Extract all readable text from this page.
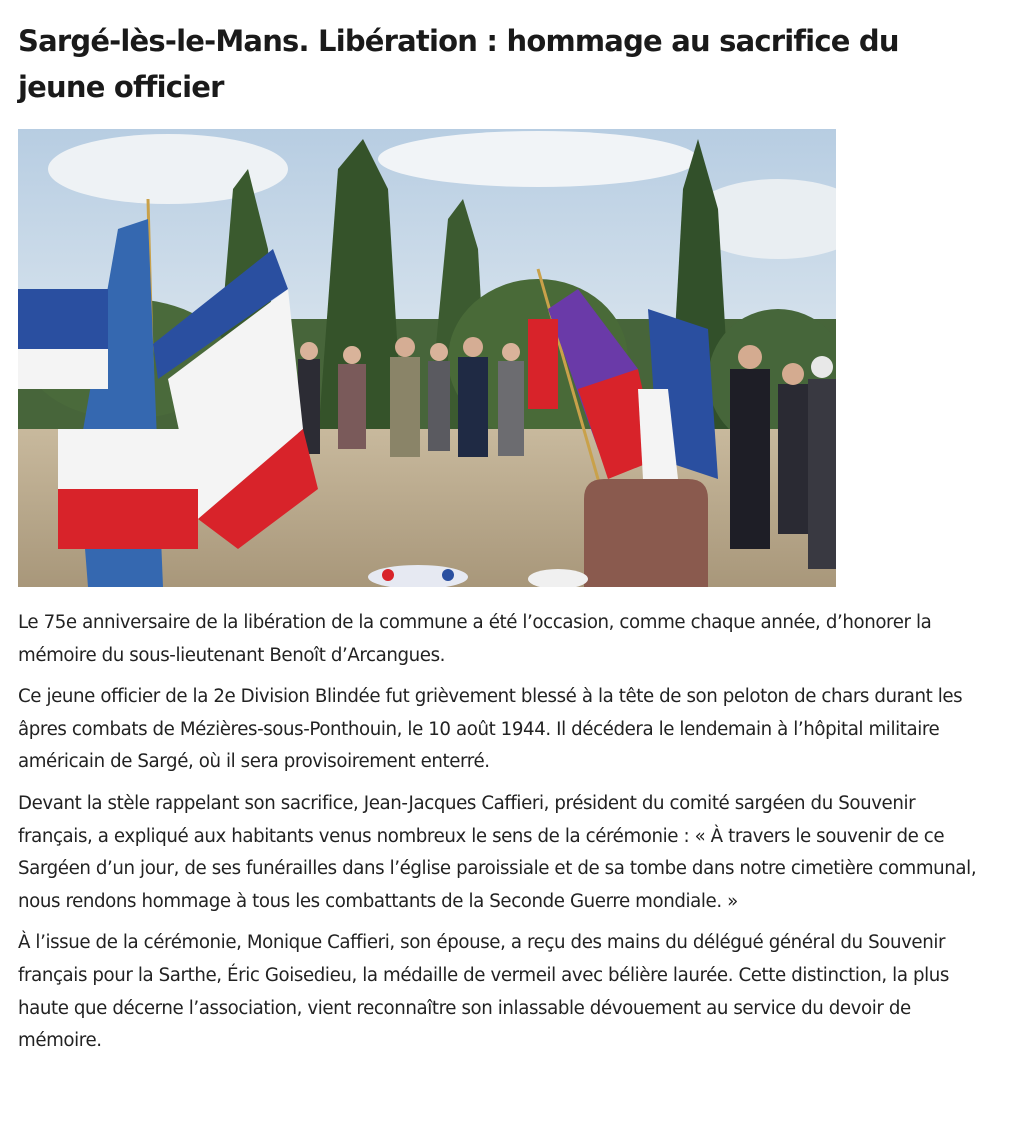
Sargé-lès-le-Mans. Libération : hommage au sacrifice du jeune officier

Le 75e anniversaire de la libération de la commune a été l’occasion, comme chaque année, d’honorer la mémoire du sous-lieutenant Benoît d’Arcangues.

Ce jeune officier de la 2e Division Blindée fut grièvement blessé à la tête de son peloton de chars durant les âpres combats de Mézières-sous-Ponthouin, le 10 août 1944. Il décédera le lendemain à l’hôpital militaire américain de Sargé, où il sera provisoirement enterré.

Devant la stèle rappelant son sacrifice, Jean-Jacques Caffieri, président du comité sargéen du Souvenir français, a expliqué aux habitants venus nombreux le sens de la cérémonie : « À travers le souvenir de ce Sargéen d’un jour, de ses funérailles dans l’église paroissiale et de sa tombe dans notre cimetière communal, nous rendons hommage à tous les combattants de la Seconde Guerre mondiale. »

À l’issue de la cérémonie, Monique Caffieri, son épouse, a reçu des mains du délégué général du Souvenir français pour la Sarthe, Éric Goisedieu, la médaille de vermeil avec bélière laurée. Cette distinction, la plus haute que décerne l’association, vient reconnaître son inlassable dévouement au service du devoir de mémoire.
